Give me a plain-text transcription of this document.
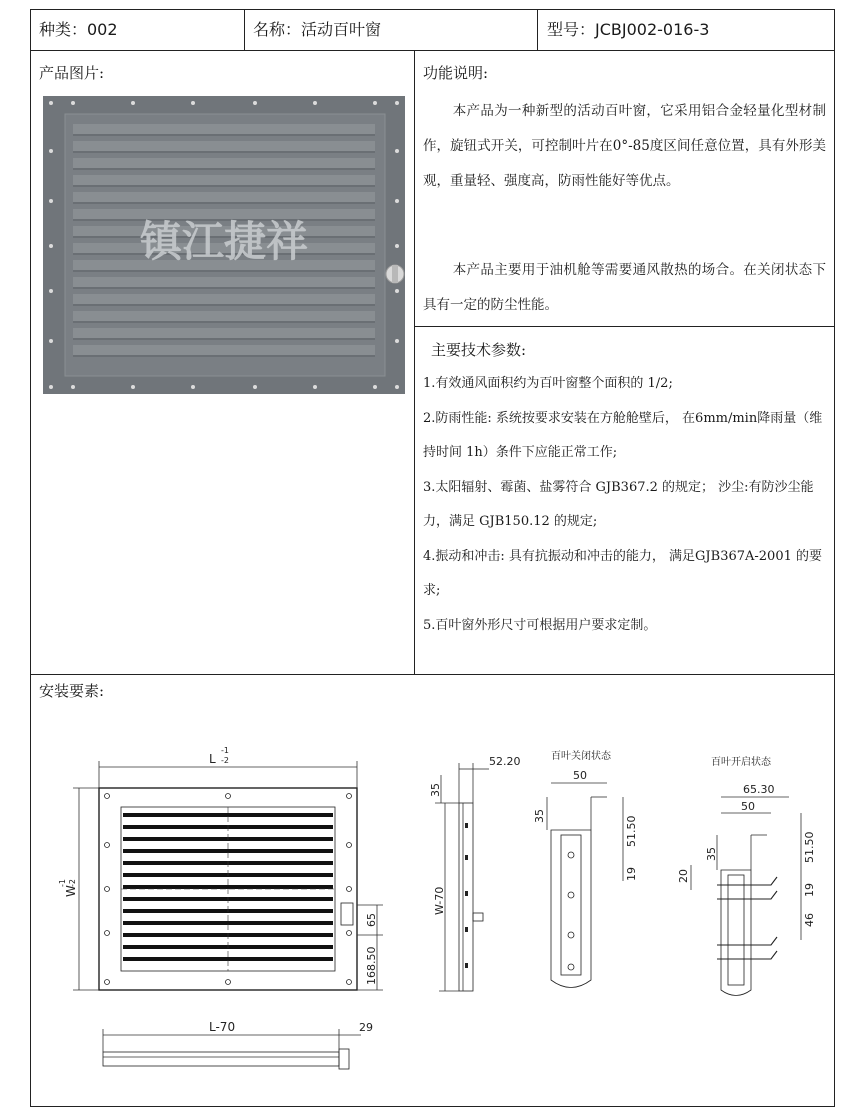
种类：002	名称：活动百叶窗	型号：JCBJ002-016-3
产品图片:
镇江捷祥
功能说明:
本产品为一种新型的活动百叶窗，它采用铝合金轻量化型材制作，旋钮式开关，可控制叶片在0°-85度区间任意位置，具有外形美观，重量轻、强度高，防雨性能好等优点。
本产品主要用于油机舱等需要通风散热的场合。在关闭状态下具有一定的防尘性能。
主要技术参数:
1.有效通风面积约为百叶窗整个面积的 1/2;
2.防雨性能: 系统按要求安装在方舱舱壁后， 在6mm/min降雨量（维持时间 1h）条件下应能正常工作;
3.太阳辐射、霉菌、盐雾符合 GJB367.2 的规定； 沙尘:有防沙尘能力，满足 GJB150.12 的规定;
4.振动和冲击: 具有抗振动和冲击的能力， 满足GJB367A-2001 的要求;
5.百叶窗外形尺寸可根据用户要求定制。
安装要素:
L
-1
-2
W
-1 -2
65
168.50
52.20
35
W-70
L-70	29
百叶关闭状态
50
35	51.50
19
百叶开启状态
65.30
50
35
20
51.50
19
46
